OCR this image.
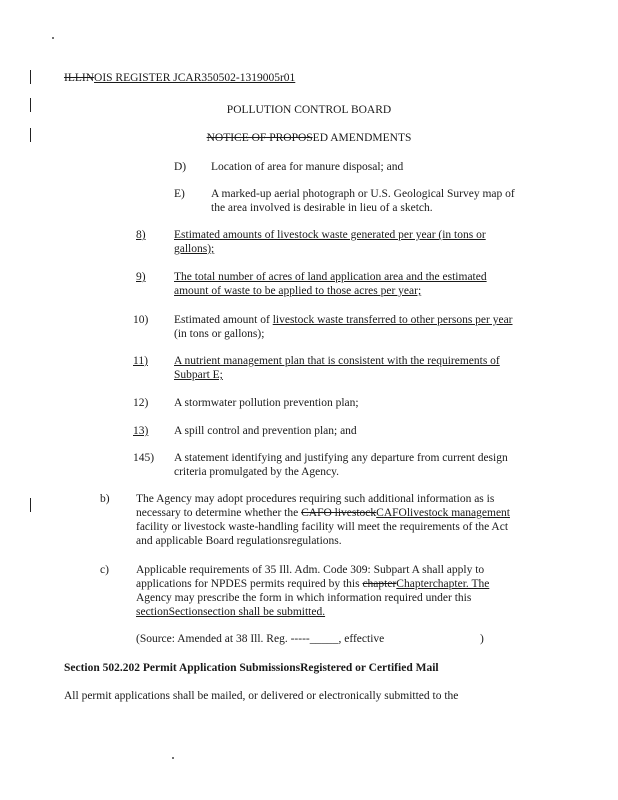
ILLINOIS REGISTER JCAR350502-1319005r01
POLLUTION CONTROL BOARD
NOTICE OF PROPOSED AMENDMENTS
D) Location of area for manure disposal; and
E) A marked-up aerial photograph or U.S. Geological Survey map of
the area involved is desirable in lieu of a sketch.
8) Estimated amounts of livestock waste generated per year (in tons or
gallons);
9) The total number of acres of land application area and the estimated
amount of waste to be applied to those acres per year;
10) Estimated amount of livestock waste transferred to other persons per year
(in tons or gallons);
11) A nutrient management plan that is consistent with the requirements of
Subpart E;
12) A stormwater pollution prevention plan;
13) A spill control and prevention plan; and
145) A statement identifying and justifying any departure from current design
criteria promulgated by the Agency.
b) The Agency may adopt procedures requiring such additional information as is
necessary to determine whether the CAFO livestockCAFOlivestock management
facility or livestock waste-handling facility will meet the requirements of the Act
and applicable Board regulationsregulations.
c) Applicable requirements of 35 Ill. Adm. Code 309: Subpart A shall apply to
applications for NPDES permits required by this chapterChapterchapter. The
Agency may prescribe the form in which information required under this
sectionSectionsection shall be submitted.
(Source: Amended at 38 Ill. Reg. -----_____, effective	)
Section 502.202 Permit Application SubmissionsRegistered or Certified Mail
All permit applications shall be mailed, or delivered or electronically submitted to the
